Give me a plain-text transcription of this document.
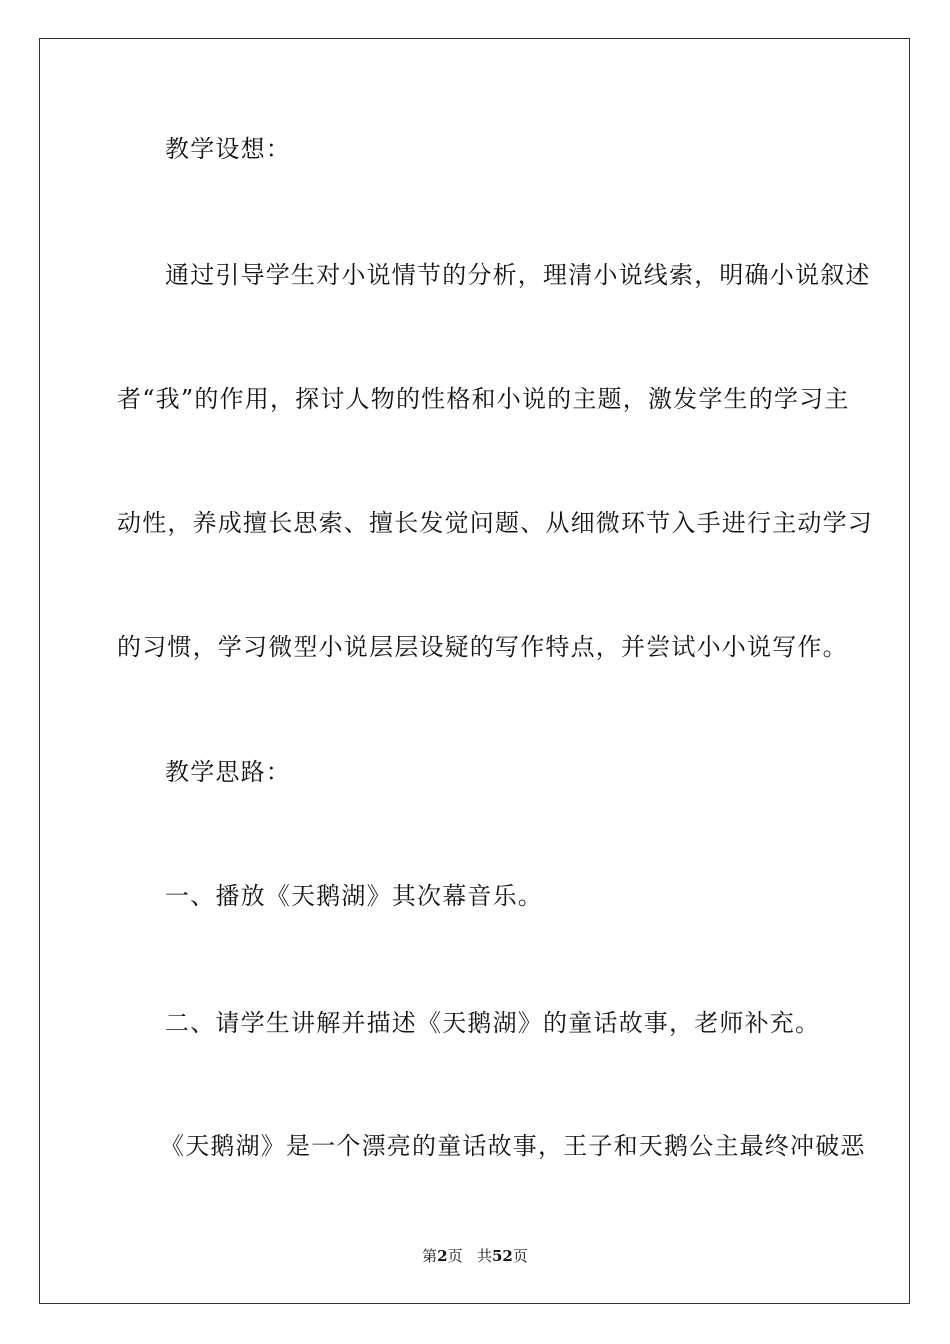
教学设想：
通过引导学生对小说情节的分析，理清小说线索，明确小说叙述
者“我”的作用，探讨人物的性格和小说的主题，激发学生的学习主
动性，养成擅长思索、擅长发觉问题、从细微环节入手进行主动学习
的习惯，学习微型小说层层设疑的写作特点，并尝试小小说写作。
教学思路：
一、播放《天鹅湖》其次幕音乐。
二、请学生讲解并描述《天鹅湖》的童话故事，老师补充。
《天鹅湖》是一个漂亮的童话故事，王子和天鹅公主最终冲破恶
第2页 共52页
